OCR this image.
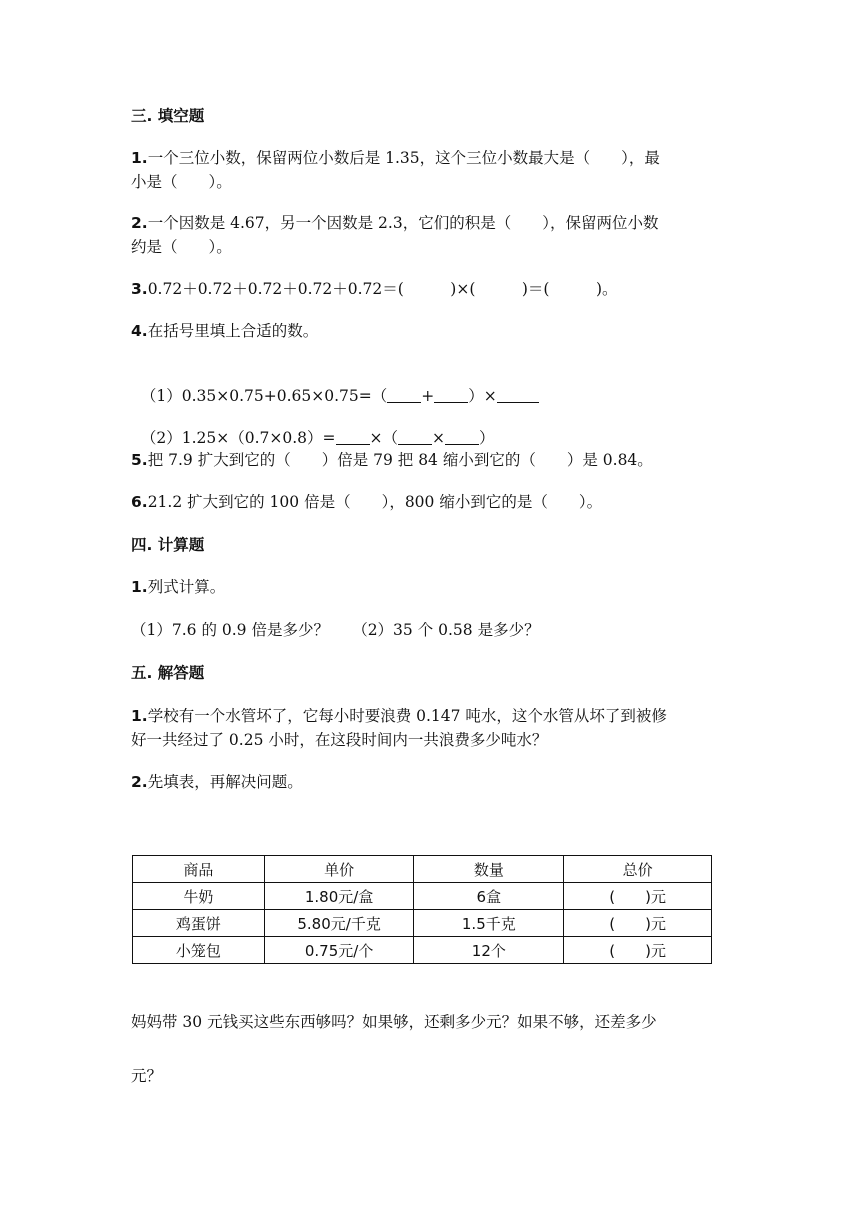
三. 填空题
1.一个三位小数，保留两位小数后是 1.35，这个三位小数最大是（　　），最
小是（　　）。
2.一个因数是 4.67，另一个因数是 2.3，它们的积是（　　），保留两位小数
约是（　　）。
3.0.72＋0.72＋0.72＋0.72＋0.72＝(　　　)×(　　　)＝(　　　)。
4.在括号里填上合适的数。

（1）0.35×0.75+0.65×0.75=（ + ）×

（2）1.25×（0.7×0.8）= ×（ × ）

5.把 7.9 扩大到它的（　　）倍是 79 把 84 缩小到它的（　　）是 0.84。
6.21.2 扩大到它的 100 倍是（　　），800 缩小到它的是（　　）。
四. 计算题
1.列式计算。
（1）7.6 的 0.9 倍是多少？　　（2）35 个 0.58 是多少？
五. 解答题
1.学校有一个水管坏了，它每小时要浪费 0.147 吨水，这个水管从坏了到被修
好一共经过了 0.25 小时，在这段时间内一共浪费多少吨水？
2.先填表，再解决问题。
商品	单价	数量	总价
牛奶	1.80元/盒	6盒	(　　)元
鸡蛋饼	5.80元/千克	1.5千克	(　　)元
小笼包	0.75元/个	12个	(　　)元
妈妈带 30 元钱买这些东西够吗？如果够，还剩多少元？如果不够，还差多少
元？
